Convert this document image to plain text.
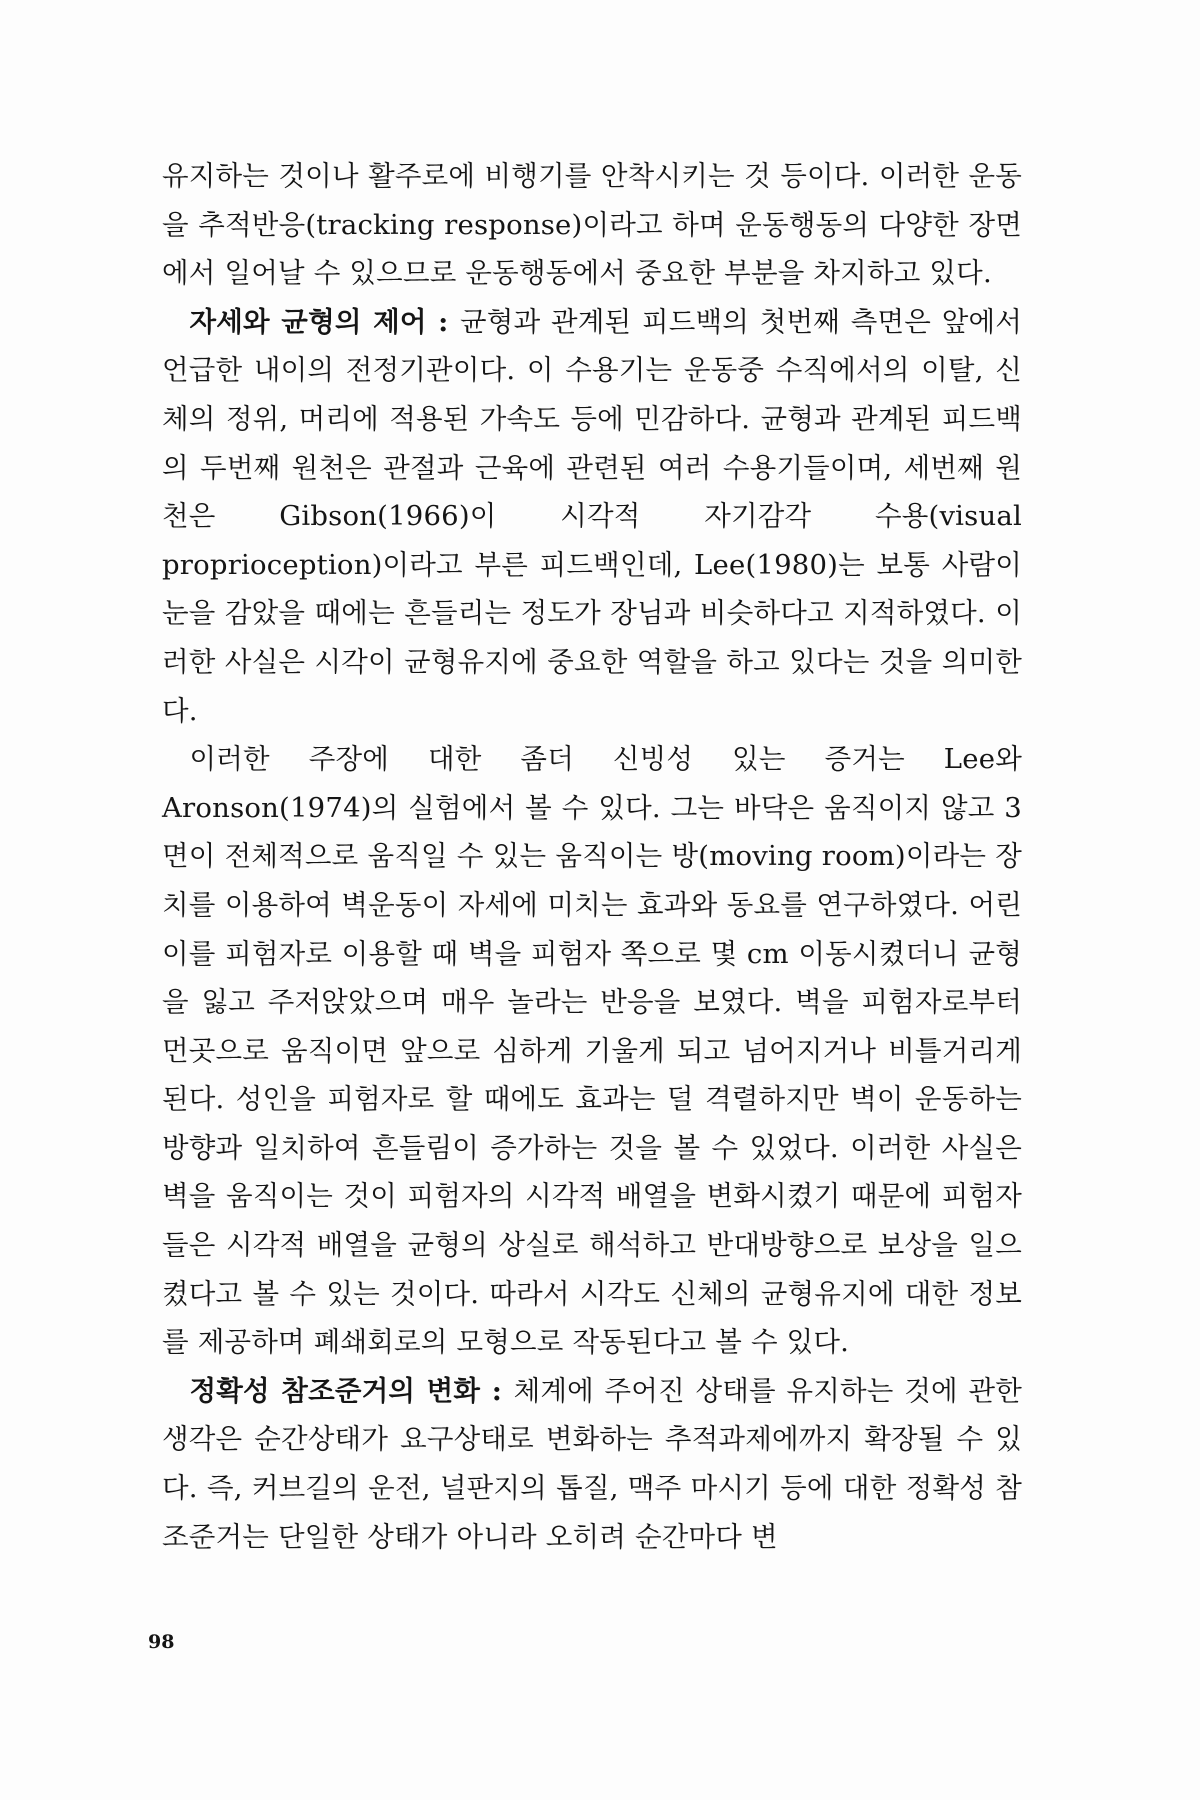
유지하는 것이나 활주로에 비행기를 안착시키는 것 등이다. 이러한 운동을 추적반응(tracking response)이라고 하며 운동행동의 다양한 장면에서 일어날 수 있으므로 운동행동에서 중요한 부분을 차지하고 있다.

자세와 균형의 제어 : 균형과 관계된 피드백의 첫번째 측면은 앞에서 언급한 내이의 전정기관이다. 이 수용기는 운동중 수직에서의 이탈, 신체의 정위, 머리에 적용된 가속도 등에 민감하다. 균형과 관계된 피드백의 두번째 원천은 관절과 근육에 관련된 여러 수용기들이며, 세번째 원천은 Gibson(1966)이 시각적 자기감각 수용(visual proprioception)이라고 부른 피드백인데, Lee(1980)는 보통 사람이 눈을 감았을 때에는 흔들리는 정도가 장님과 비슷하다고 지적하였다. 이러한 사실은 시각이 균형유지에 중요한 역할을 하고 있다는 것을 의미한다.

이러한 주장에 대한 좀더 신빙성 있는 증거는 Lee와 Aronson(1974)의 실험에서 볼 수 있다. 그는 바닥은 움직이지 않고 3면이 전체적으로 움직일 수 있는 움직이는 방(moving room)이라는 장치를 이용하여 벽운동이 자세에 미치는 효과와 동요를 연구하였다. 어린이를 피험자로 이용할 때 벽을 피험자 쪽으로 몇 cm 이동시켰더니 균형을 잃고 주저앉았으며 매우 놀라는 반응을 보였다. 벽을 피험자로부터 먼곳으로 움직이면 앞으로 심하게 기울게 되고 넘어지거나 비틀거리게 된다. 성인을 피험자로 할 때에도 효과는 덜 격렬하지만 벽이 운동하는 방향과 일치하여 흔들림이 증가하는 것을 볼 수 있었다. 이러한 사실은 벽을 움직이는 것이 피험자의 시각적 배열을 변화시켰기 때문에 피험자들은 시각적 배열을 균형의 상실로 해석하고 반대방향으로 보상을 일으켰다고 볼 수 있는 것이다. 따라서 시각도 신체의 균형유지에 대한 정보를 제공하며 폐쇄회로의 모형으로 작동된다고 볼 수 있다.

정확성 참조준거의 변화 : 체계에 주어진 상태를 유지하는 것에 관한 생각은 순간상태가 요구상태로 변화하는 추적과제에까지 확장될 수 있다. 즉, 커브길의 운전, 널판지의 톱질, 맥주 마시기 등에 대한 정확성 참조준거는 단일한 상태가 아니라 오히려 순간마다 변

98
